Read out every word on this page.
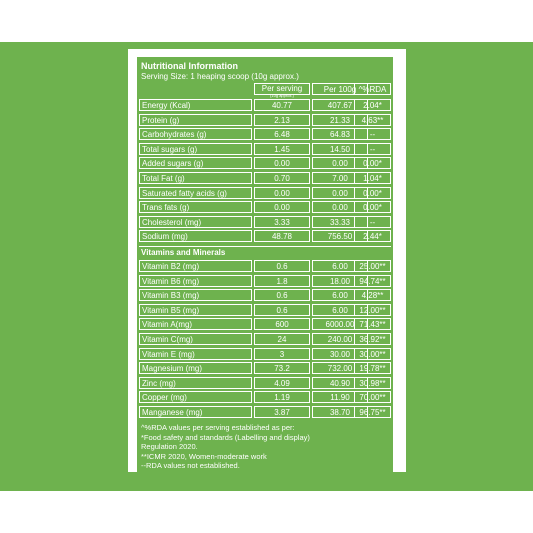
Nutritional Information
Serving Size: 1 heaping scoop (10g approx.)
Per serving
(10g approx.)
Per 100g ^%RDA
Energy (Kcal)	40.77	407.67	2.04*
Protein (g)	2.13	21.33	4.63**
Carbohydrates (g)	6.48	64.83	--
Total sugars (g)	1.45	14.50	--
Added sugars (g)	0.00	0.00	0.00*
Total Fat (g)	0.70	7.00	1.04*
Saturated fatty acids (g)	0.00	0.00	0.00*
Trans fats (g)	0.00	0.00	0.00*
Cholesterol (mg)	3.33	33.33	--
Sodium (mg)	48.78	756.50	2.44*
Vitamins and Minerals
Vitamin B2 (mg)	0.6	6.00	25.00**
Vitamin B6 (mg)	1.8	18.00	94.74**
Vitamin B3 (mg)	0.6	6.00	4.28**
Vitamin B5 (mg)	0.6	6.00	12.00**
Vitamin A(mg)	600	6000.00 71.43**
Vitamin C(mg)	24	240.00 36.92**
Vitamin E (mg)	3	30.00	30.00**
Magnesium (mg)	73.2	732.00 19.78**
Zinc (mg)	4.09	40.90	30.98**
Copper (mg)	1.19	11.90	70.00**
Manganese (mg)	3.87	38.70	96.75**
^%RDA values per serving established as per:
*Food safety and standards (Labelling and display)
Regulation 2020.
**ICMR 2020, Women-moderate work
--RDA values not established.
